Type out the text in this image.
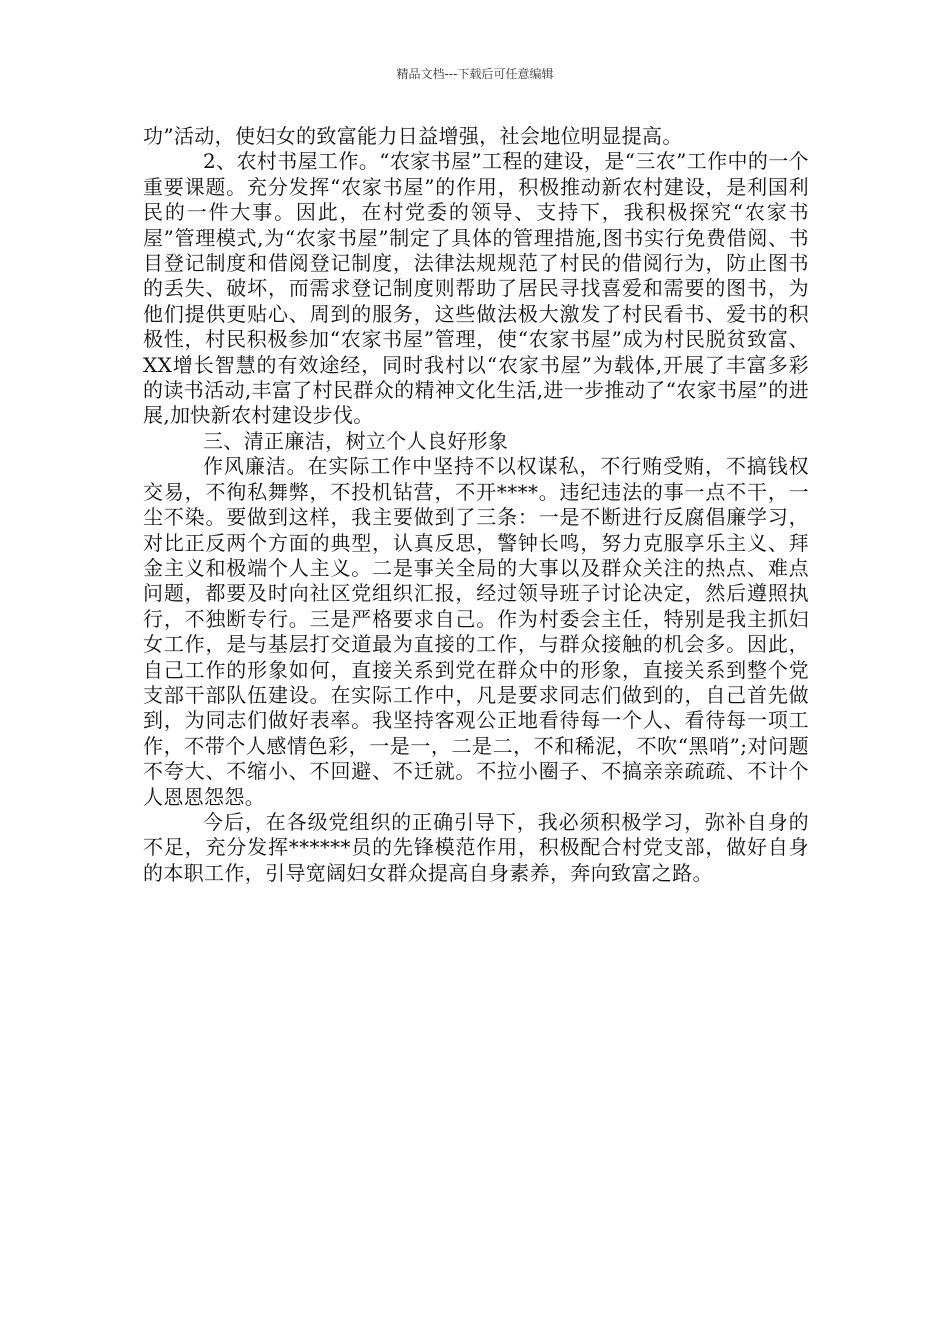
精品文档---下载后可任意编辑

功”活动，使妇女的致富能力日益增强，社会地位明显提高。

2、农村书屋工作。“农家书屋”工程的建设，是“三农”工作中的一个重要课题。充分发挥“农家书屋”的作用，积极推动新农村建设，是利国利民的一件大事。因此，在村党委的领导、支持下，我积极探究“农家书屋”管理模式,为“农家书屋”制定了具体的管理措施,图书实行免费借阅、书目登记制度和借阅登记制度，法律法规规范了村民的借阅行为，防止图书的丢失、破坏，而需求登记制度则帮助了居民寻找喜爱和需要的图书，为他们提供更贴心、周到的服务，这些做法极大激发了村民看书、爱书的积极性，村民积极参加“农家书屋”管理，使“农家书屋”成为村民脱贫致富、XX增长智慧的有效途经，同时我村以“农家书屋”为载体,开展了丰富多彩的读书活动,丰富了村民群众的精神文化生活,进一步推动了“农家书屋”的进展,加快新农村建设步伐。

三、清正廉洁，树立个人良好形象

作风廉洁。在实际工作中坚持不以权谋私，不行贿受贿，不搞钱权交易，不徇私舞弊，不投机钻营，不开****。违纪违法的事一点不干，一尘不染。要做到这样，我主要做到了三条：一是不断进行反腐倡廉学习，对比正反两个方面的典型，认真反思，警钟长鸣，努力克服享乐主义、拜金主义和极端个人主义。二是事关全局的大事以及群众关注的热点、难点问题，都要及时向社区党组织汇报，经过领导班子讨论决定，然后遵照执行，不独断专行。三是严格要求自己。作为村委会主任，特别是我主抓妇女工作，是与基层打交道最为直接的工作，与群众接触的机会多。因此，自己工作的形象如何，直接关系到党在群众中的形象，直接关系到整个党支部干部队伍建设。在实际工作中，凡是要求同志们做到的，自己首先做到，为同志们做好表率。我坚持客观公正地看待每一个人、看待每一项工作，不带个人感情色彩，一是一，二是二，不和稀泥，不吹“黑哨”;对问题不夸大、不缩小、不回避、不迁就。不拉小圈子、不搞亲亲疏疏、不计个人恩恩怨怨。

今后，在各级党组织的正确引导下，我必须积极学习，弥补自身的不足，充分发挥******员的先锋模范作用，积极配合村党支部，做好自身的本职工作，引导宽阔妇女群众提高自身素养，奔向致富之路。
